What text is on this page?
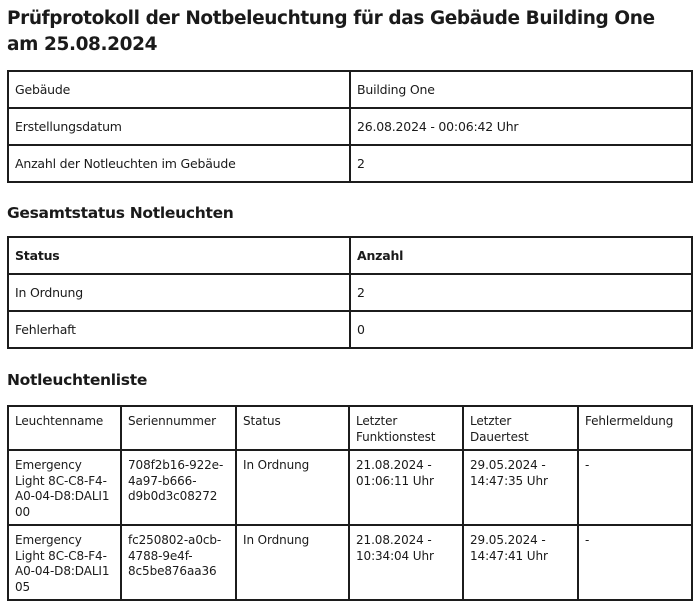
Prüfprotokoll der Notbeleuchtung für das Gebäude Building One am 25.08.2024
Gebäude	Building One
Erstellungsdatum	26.08.2024 - 00:06:42 Uhr
Anzahl der Notleuchten im Gebäude	2
Gesamtstatus Notleuchten
Status	Anzahl
In Ordnung	2
Fehlerhaft	0
Notleuchtenliste
Leuchtenname	Seriennummer	Status	Letzter Funktionstest	Letzter Dauertest	Fehlermeldung
Emergency Light 8C-C8-F4-A0-04-D8:DALI1 00	708f2b16-922e-4a97-b666-d9b0d3c08272	In Ordnung	21.08.2024 - 01:06:11 Uhr	29.05.2024 - 14:47:35 Uhr	-
Emergency Light 8C-C8-F4-A0-04-D8:DALI1 05	fc250802-a0cb-4788-9e4f-8c5be876aa36	In Ordnung	21.08.2024 - 10:34:04 Uhr	29.05.2024 - 14:47:41 Uhr	-
